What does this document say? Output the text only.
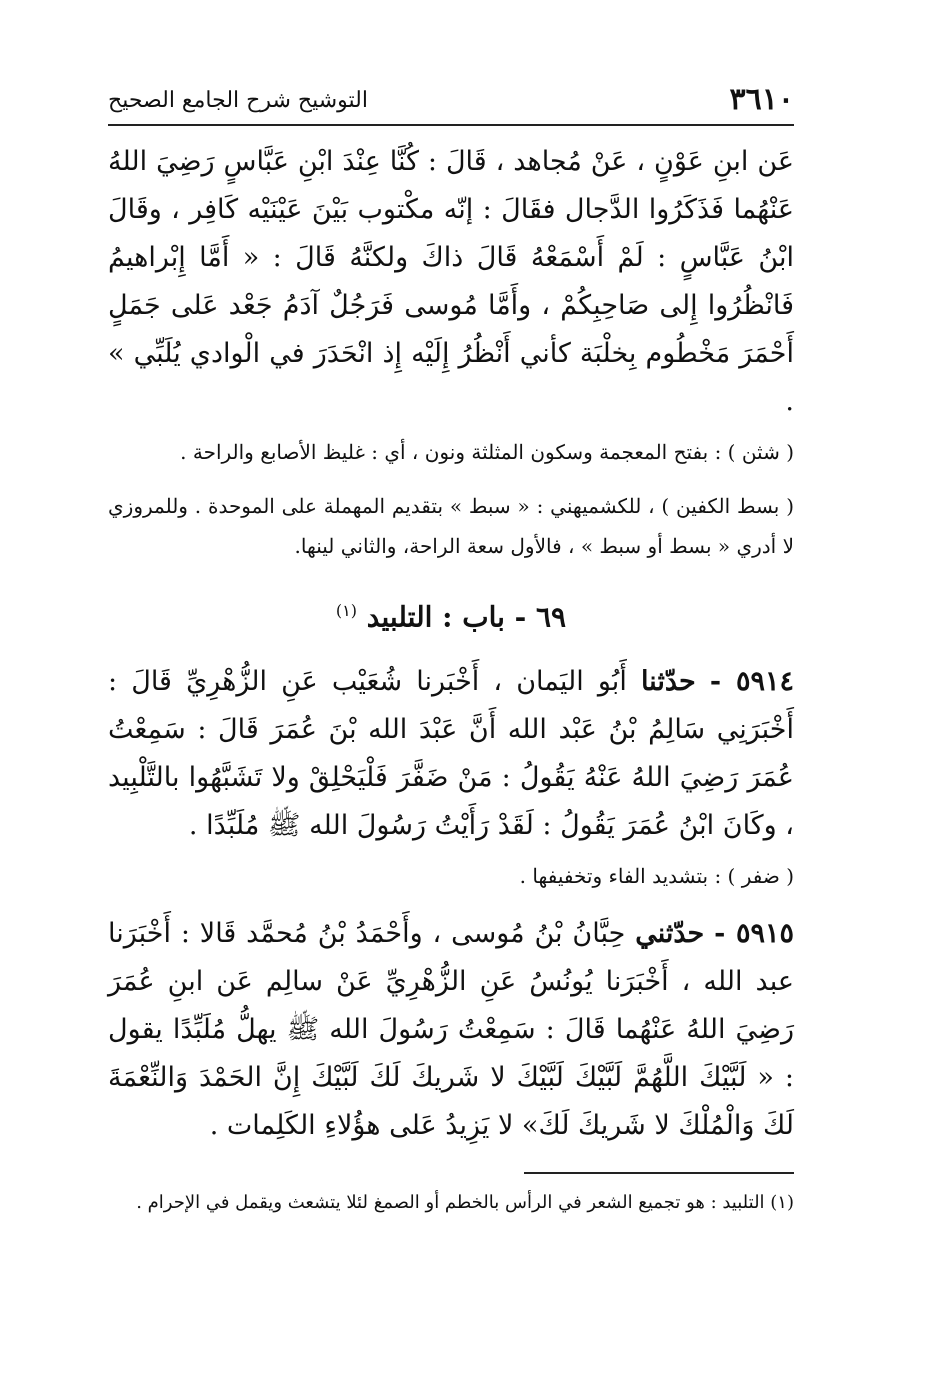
٣٦١٠
التوشيح شرح الجامع الصحيح

عَن ابنِ عَوْنٍ ، عَنْ مُجاهد ، قَالَ : كُنَّا عِنْدَ ابْنِ عَبَّاسٍ رَضِيَ اللهُ عَنْهُما فَذَكَرُوا الدَّجال فقَالَ : إنّه مكْتوب بَيْنَ عَيْنَيْه كَافِر ، وقَالَ ابْنُ عَبَّاسٍ : لَمْ أَسْمَعْهُ قَالَ ذاكَ ولكنَّهُ قَالَ : « أَمَّا إِبْراهيمُ فَانْظُرُوا إِلى صَاحِبِكُمْ ، وأَمَّا مُوسى فَرَجُلٌ آدَمُ جَعْد عَلى جَمَلٍ أَحْمَرَ مَخْطُوم بِخلْبَة كأني أَنْظُرُ إِلَيْه إِذ انْحَدَرَ في الْوادي يُلَبِّي » .

( شثن ) : بفتح المعجمة وسكون المثلثة ونون ، أي : غليظ الأصابع والراحة .

( بسط الكفين ) ، للكشميهني : « سبط » بتقديم المهملة على الموحدة . وللمروزي لا أدري « بسط أو سبط » ، فالأول سعة الراحة، والثاني لينها.

٦٩ - باب : التلبيد $^{(١)}$

٥٩١٤ - حدّثنا أَبُو اليَمان ، أَخْبَرنا شُعَيْب عَنِ الزُّهْرِيِّ قَالَ : أَخْبَرَنِي سَالِمُ بْنُ عَبْد الله أَنَّ عَبْدَ الله بْنَ عُمَرَ قَالَ : سَمِعْتُ عُمَرَ رَضِيَ اللهُ عَنْهُ يَقُولُ : مَنْ ضَفَّرَ فَلْيَحْلِقْ ولا تَشَبَّهُوا بالتَّلْبِيد ، وكَانَ ابْنُ عُمَرَ يَقُولُ : لَقَدْ رَأَيْتُ رَسُولَ الله ﷺ مُلَبِّدًا .

( ضفر ) : بتشديد الفاء وتخفيفها .

٥٩١٥ - حدّثني حِبَّانُ بْنُ مُوسى ، وأَحْمَدُ بْنُ مُحمَّد قَالا : أَخْبَرَنا عبد الله ، أَخْبَرَنا يُونُسُ عَنِ الزُّهْرِيِّ عَنْ سالِم عَن ابنِ عُمَرَ رَضِيَ اللهُ عَنْهُما قَالَ : سَمِعْتُ رَسُولَ الله ﷺ يهلُّ مُلَبِّدًا يقول : « لَبَّيْكَ اللَّهُمَّ لَبَّيْكَ لَبَّيْكَ لا شَريكَ لَكَ لَبَّيْكَ إِنَّ الحَمْدَ وَالنِّعْمَةَ لَكَ وَالْمُلْكَ لا شَريكَ لَكَ» لا يَزِيدُ عَلى هؤُلاءِ الكَلِمات .

(١) التلبيد : هو تجميع الشعر في الرأس بالخطم أو الصمغ لئلا يتشعث ويقمل في الإحرام .
